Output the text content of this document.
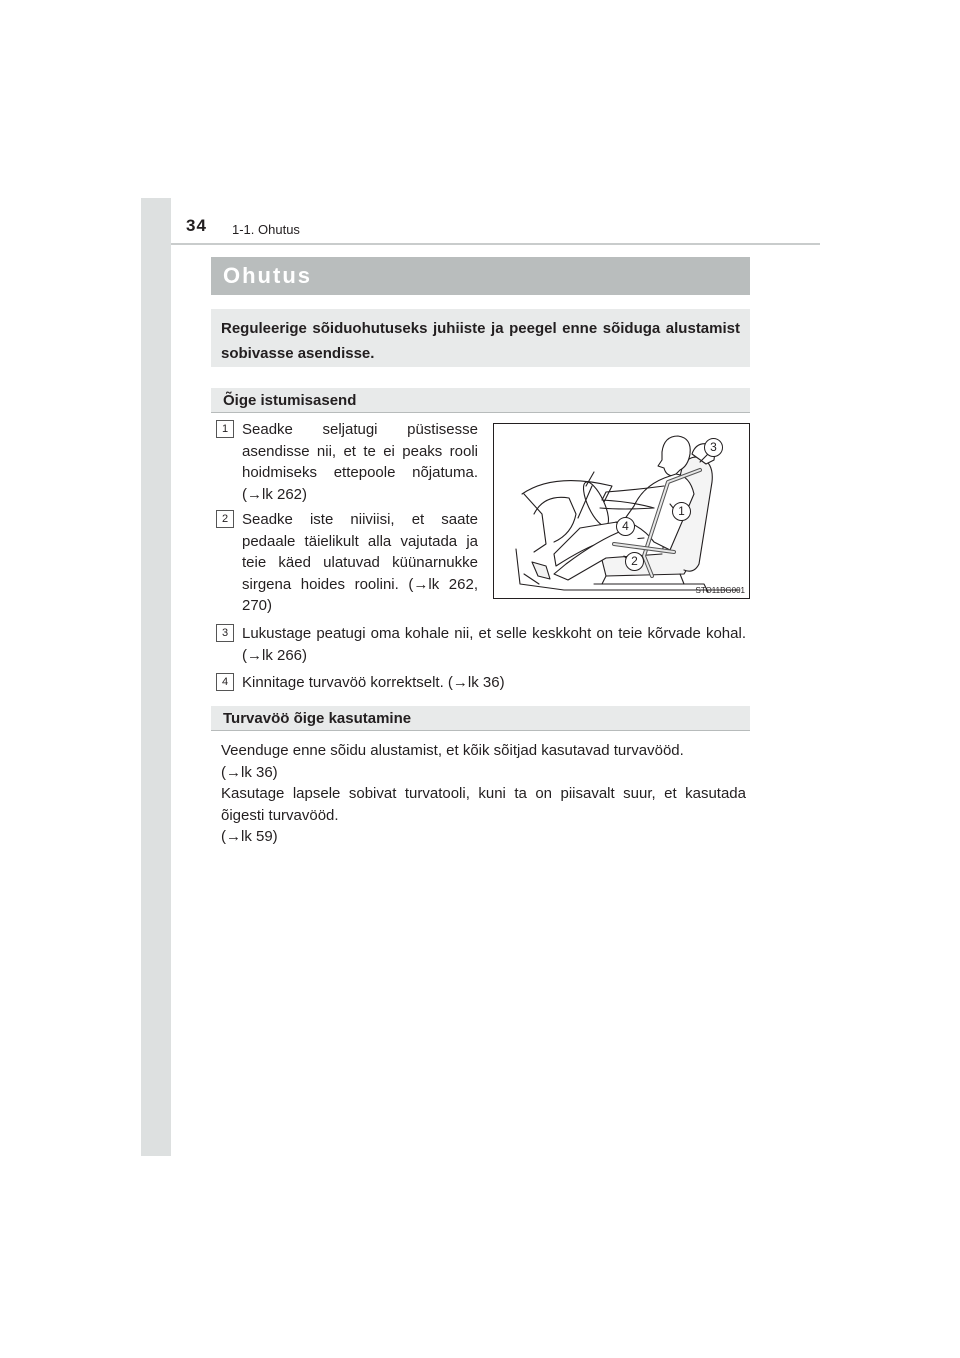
34 1-1. Ohutus
Ohutus
Reguleerige sõiduohutuseks juhiiste ja peegel enne sõiduga alustamist sobivasse asendisse.
Õige istumisasend
1 Seadke seljatugi püstisesse asendisse nii, et te ei peaks rooli hoidmiseks ettepoole nõjatuma. (→lk 262)
2 Seadke iste niiviisi, et saate pedaale täielikult alla vajutada ja teie käed ulatuvad küünarnukke sirgena hoides roolini. (→lk 262, 270)
3 Lukustage peatugi oma kohale nii, et selle keskkoht on teie kõrvade kohal. (→lk 266)
4 Kinnitage turvavöö korrektselt. (→lk 36)
3
1
4
2
STO11BG001
Turvavöö õige kasutamine
Veenduge enne sõidu alustamist, et kõik sõitjad kasutavad turvavööd.
(→lk 36)
Kasutage lapsele sobivat turvatooli, kuni ta on piisavalt suur, et kasutada õigesti turvavööd.
(→lk 59)
